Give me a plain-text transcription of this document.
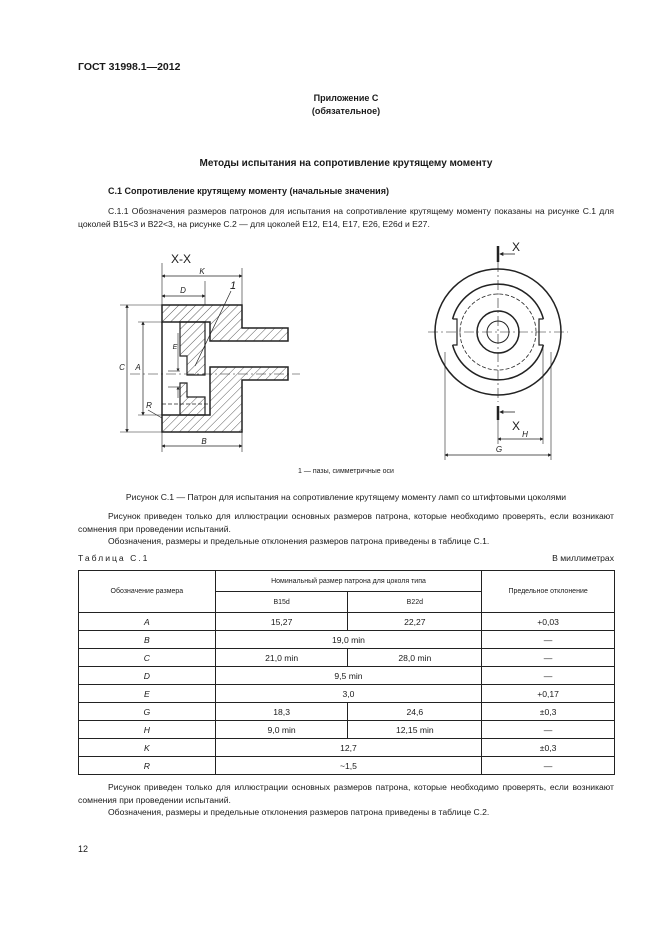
ГОСТ 31998.1—2012
Приложение С
(обязательное)
Методы испытания на сопротивление крутящему моменту
С.1 Сопротивление крутящему моменту (начальные значения)
С.1.1 Обозначения размеров патронов для испытания на сопротивление крутящему моменту показаны на рисунке С.1 для цоколей B15<3 и B22<3, на рисунке С.2 — для цоколей E12, E14, E17, E26, E26d и E27.
X-X
K
D	1
C A
E
R
B
X
X
H
G
1 — пазы, симметричные оси
Рисунок С.1 — Патрон для испытания на сопротивление крутящему моменту ламп со штифтовыми цоколями
Рисунок приведен только для иллюстрации основных размеров патрона, которые необходимо проверять, если возникают сомнения при проведении испытаний.
Обозначения, размеры и предельные отклонения размеров патрона приведены в таблице С.1.
Таблица С.1	В миллиметрах
Обозначение размера	Номинальный размер патрона для цоколя типа		Предельное отклонение
	B15d	B22d	
A	15,27	22,27	+0,03
B	19,0 min		—
C	21,0 min	28,0 min	—
D	9,5 min		—
E	3,0		+0,17
G	18,3	24,6	±0,3
H	9,0 min	12,15 min	—
K	12,7		±0,3
R	~1,5		—
Рисунок приведен только для иллюстрации основных размеров патрона, которые необходимо проверять, если возникают сомнения при проведении испытаний.
Обозначения, размеры и предельные отклонения размеров патрона приведены в таблице С.2.
12
